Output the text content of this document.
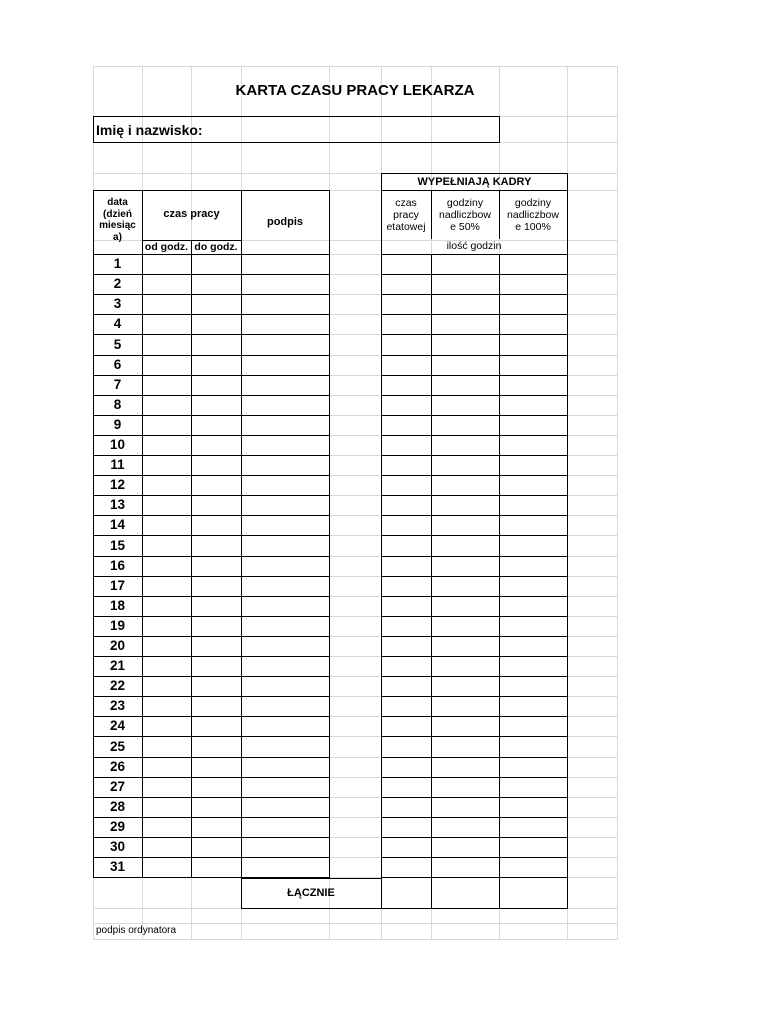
KARTA CZASU PRACY LEKARZA
Imię i nazwisko:
WYPEŁNIAJĄ KADRY
data
(dzień
miesiąc
a)
czas pracy
od godz. do godz.
podpis
czas
pracy
etatowej
godziny
nadliczbow
e 50%
godziny
nadliczbow
e 100%
ilość godzin
1
2
3
4
5
6
7
8
9
10
11
12
13
14
15
16
17
18
19
20
21
22
23
24
25
26
27
28
29
30
31
ŁĄCZNIE
podpis ordynatora
